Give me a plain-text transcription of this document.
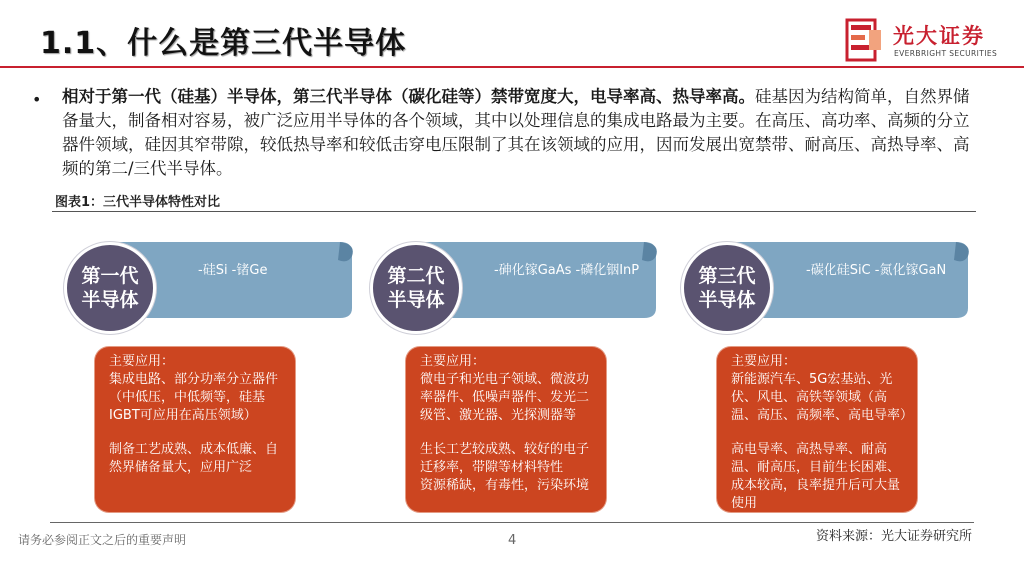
1.1、什么是第三代半导体	光大证券
EVERBRIGHT SECURITIES
• 相对于第一代（硅基）半导体，第三代半导体（碳化硅等）禁带宽度大，电导率高、热导率高。硅基因为结构简单，自然界储备量大，制备相对容易，被广泛应用半导体的各个领域，其中以处理信息的集成电路最为主要。在高压、高功率、高频的分立器件领域，硅因其窄带隙，较低热导率和较低击穿电压限制了其在该领域的应用，因而发展出宽禁带、耐高压、高热导率、高频的第二/三代半导体。
图表1：三代半导体特性对比
-硅Si -锗Ge
第一代
半导体

主要应用：

集成电路、部分功率分立器件（中低压，中低频等，硅基IGBT可应用在高压领域）

制备工艺成熟、成本低廉、自然界储备量大，应用广泛

-砷化镓GaAs -磷化铟InP
第二代
半导体

主要应用：

微电子和光电子领域、微波功率器件、低噪声器件、发光二级管、激光器、光探测器等

生长工艺较成熟、较好的电子迁移率，带隙等材料特性
资源稀缺，有毒性，污染环境

-碳化硅SiC -氮化镓GaN
第三代
半导体

主要应用：

新能源汽车、5G宏基站、光伏、风电、高铁等领域（高温、高压、高频率、高电导率）

高电导率、高热导率、耐高温、耐高压，目前生长困难、成本较高，良率提升后可大量使用

资料来源：光大证券研究所
请务必参阅正文之后的重要声明	4
